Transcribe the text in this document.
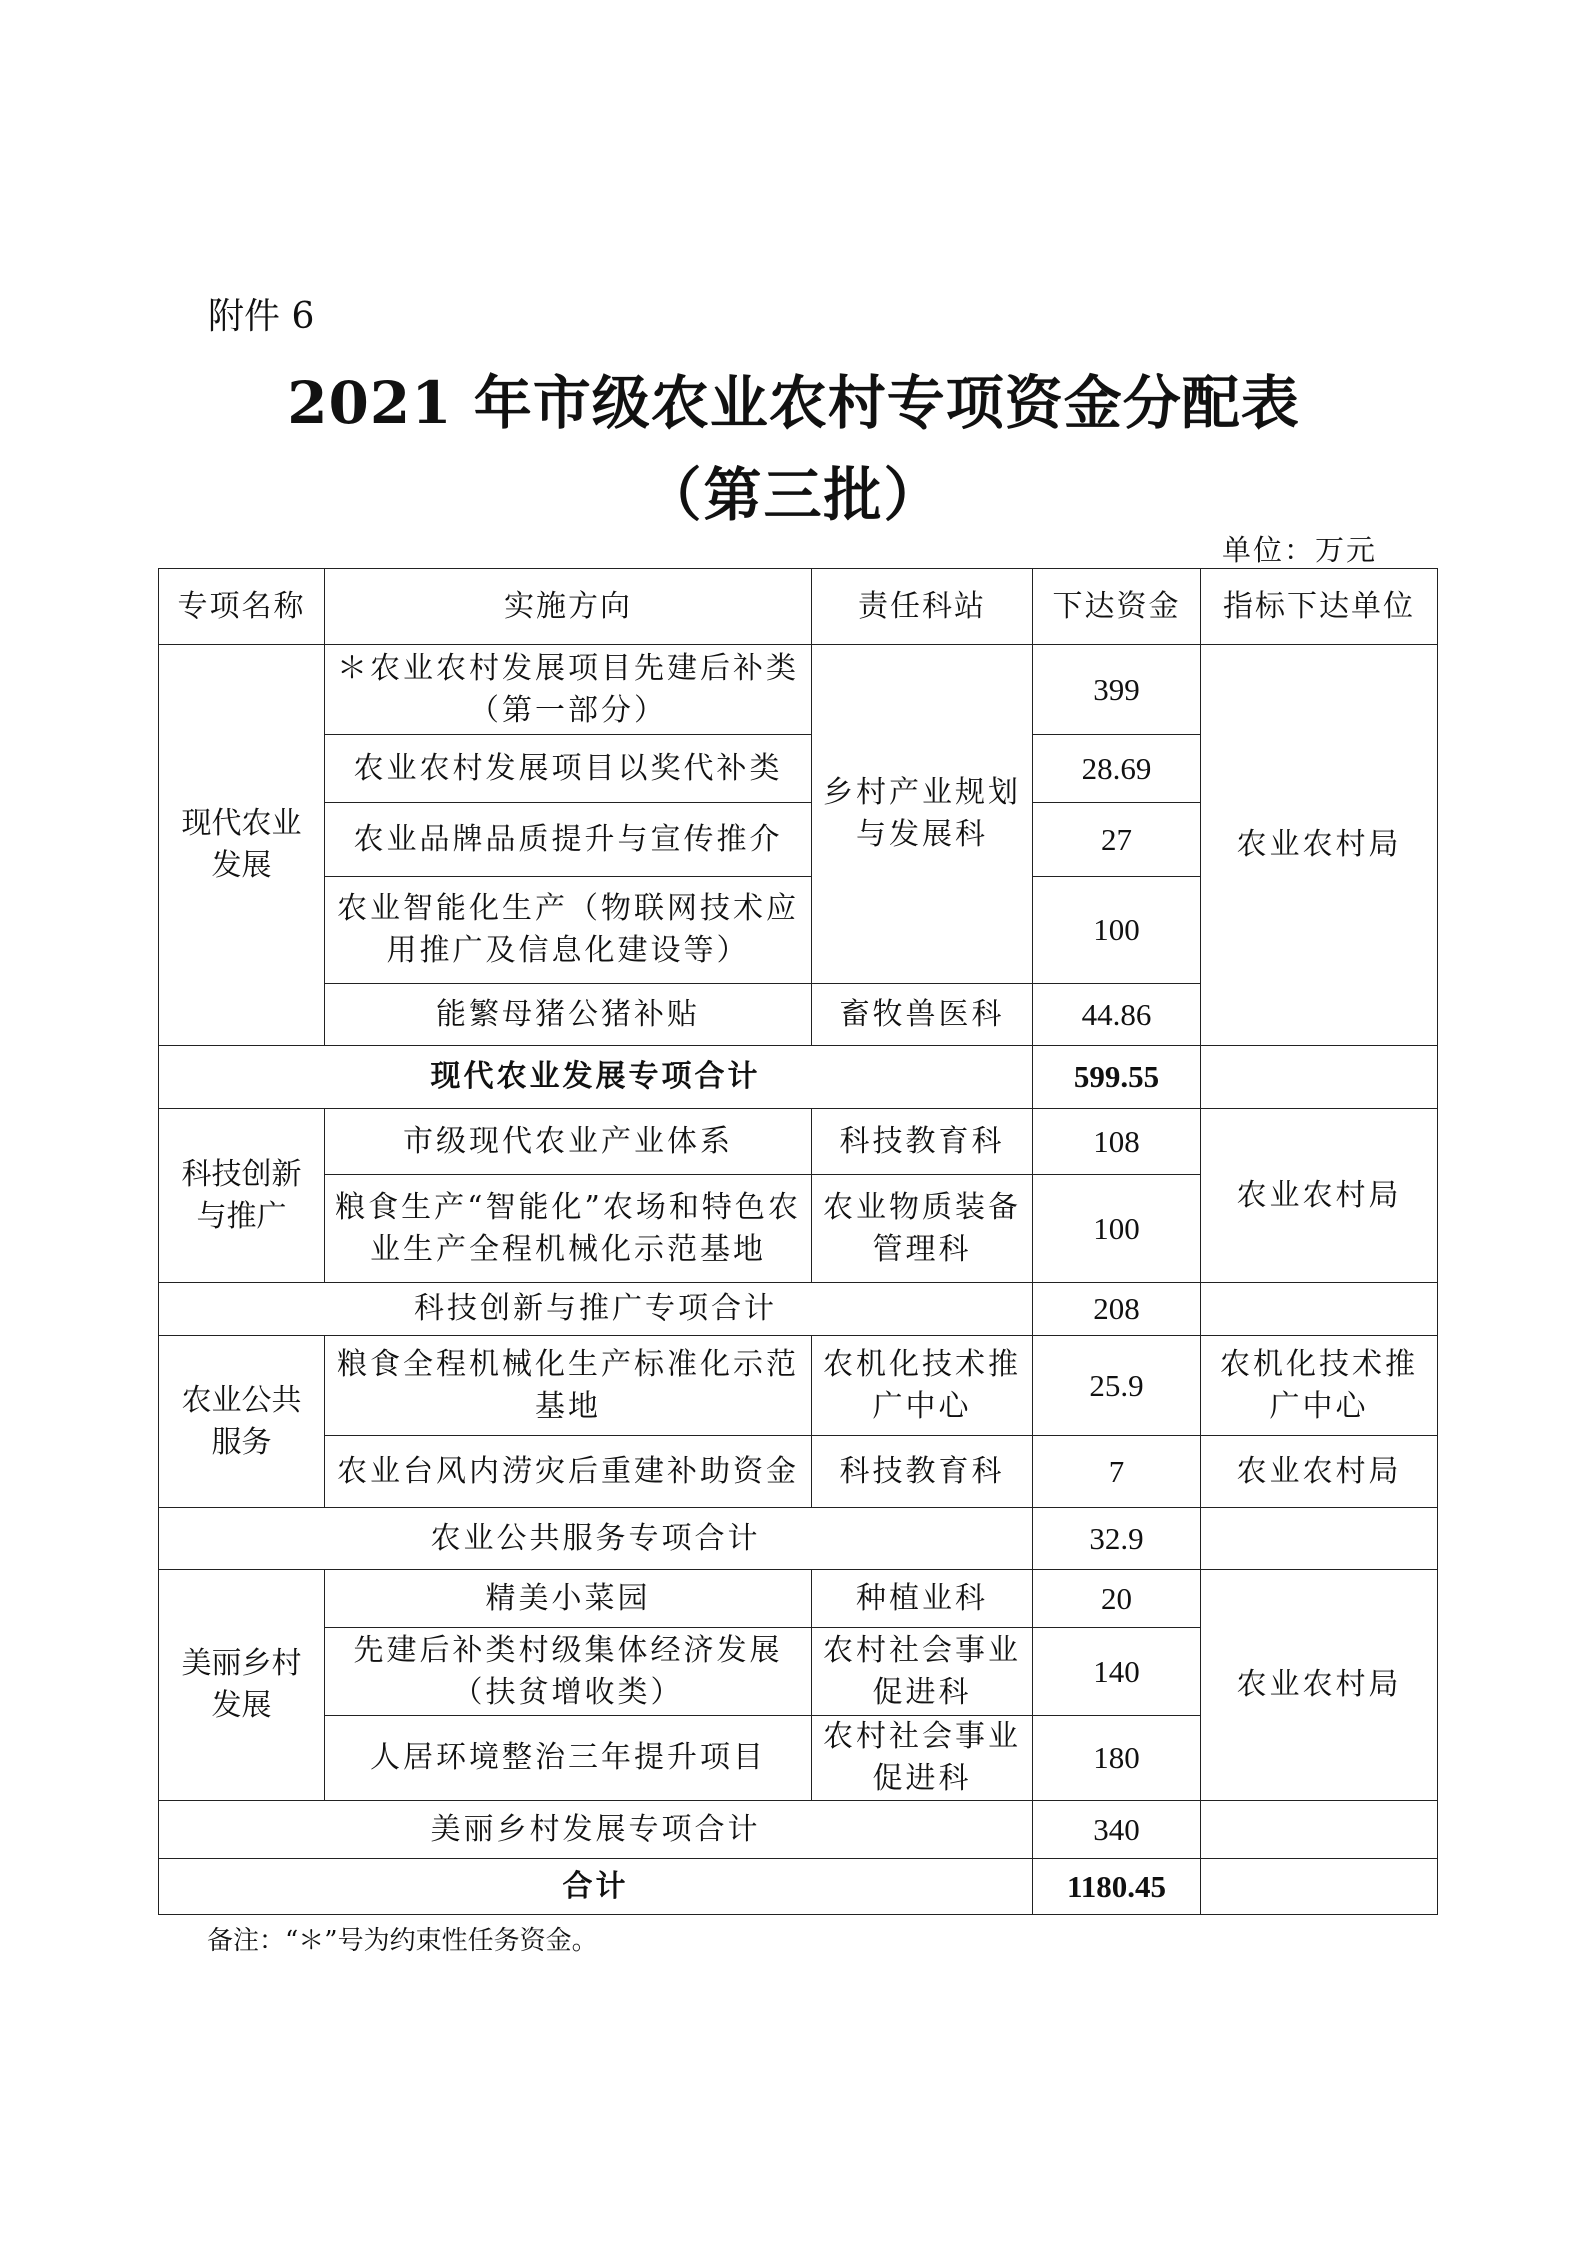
附件 6
2021 年市级农业农村专项资金分配表
（第三批）
单位：万元
专项名称	实施方向	责任科站	下达资金	指标下达单位
现代农业发展	＊农业农村发展项目先建后补类（第一部分）	乡村产业规划与发展科	399	农业农村局
	农业农村发展项目以奖代补类		28.69	
	农业品牌品质提升与宣传推介		27	
	农业智能化生产（物联网技术应用推广及信息化建设等）		100	
	能繁母猪公猪补贴	畜牧兽医科	44.86	
现代农业发展专项合计			599.55	
科技创新与推广	市级现代农业产业体系	科技教育科	108	农业农村局
	粮食生产“智能化”农场和特色农业生产全程机械化示范基地	农业物质装备管理科	100	
科技创新与推广专项合计			208	
农业公共服务	粮食全程机械化生产标准化示范基地	农机化技术推广中心	25.9	农机化技术推广中心
	农业台风内涝灾后重建补助资金	科技教育科	7	农业农村局
农业公共服务专项合计			32.9	
美丽乡村发展	精美小菜园	种植业科	20	农业农村局
	先建后补类村级集体经济发展（扶贫增收类）	农村社会事业促进科	140	
	人居环境整治三年提升项目	农村社会事业促进科	180	
美丽乡村发展专项合计			340	
合计			1180.45	
备注：“＊”号为约束性任务资金。
